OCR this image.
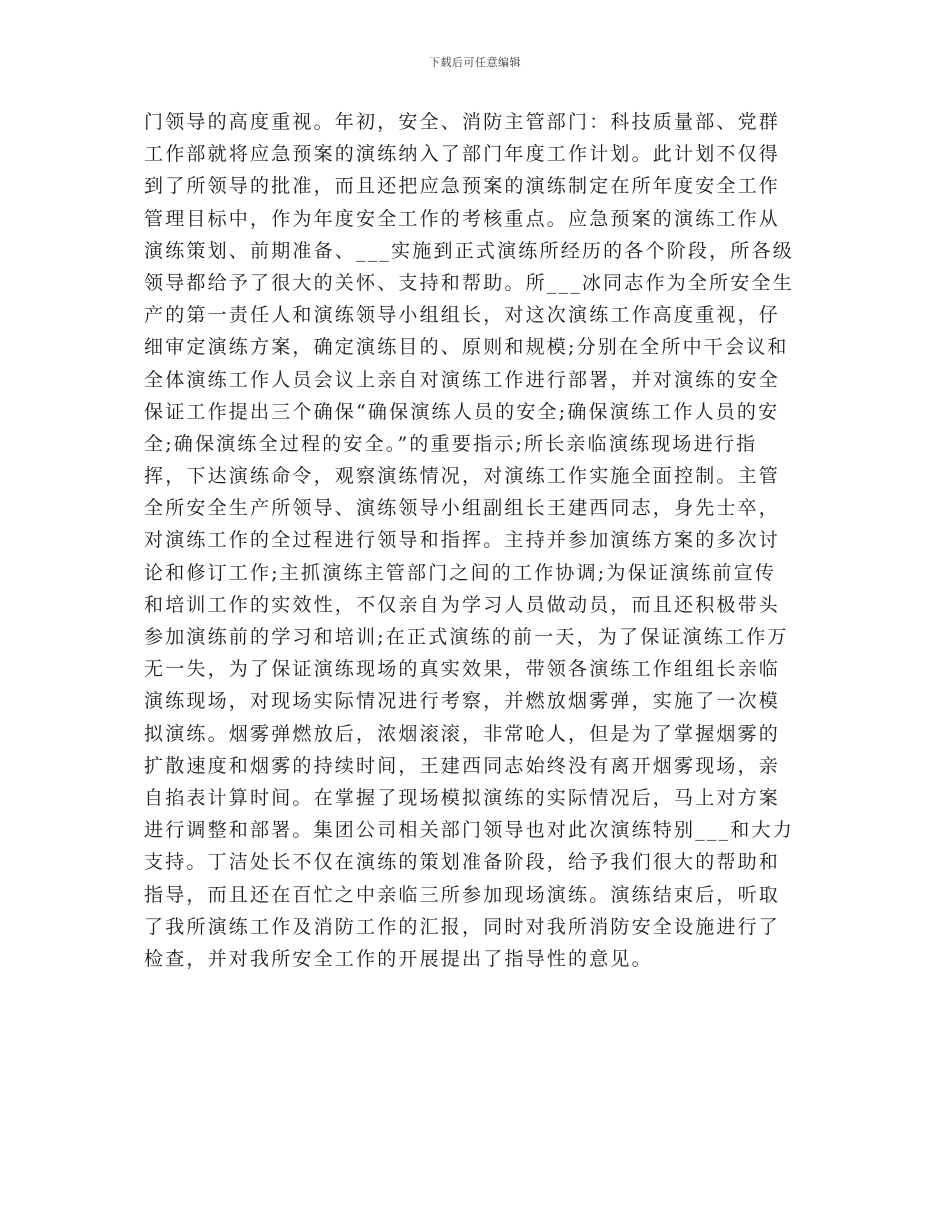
下载后可任意编辑
门领导的高度重视。年初，安全、消防主管部门：科技质量部、党群
工作部就将应急预案的演练纳入了部门年度工作计划。此计划不仅得
到了所领导的批准，而且还把应急预案的演练制定在所年度安全工作
管理目标中，作为年度安全工作的考核重点。应急预案的演练工作从
演练策划、前期准备、___实施到正式演练所经历的各个阶段，所各级
领导都给予了很大的关怀、支持和帮助。所___冰同志作为全所安全生
产的第一责任人和演练领导小组组长，对这次演练工作高度重视，仔
细审定演练方案，确定演练目的、原则和规模;分别在全所中干会议和
全体演练工作人员会议上亲自对演练工作进行部署，并对演练的安全
保证工作提出三个确保“确保演练人员的安全;确保演练工作人员的安
全;确保演练全过程的安全。”的重要指示;所长亲临演练现场进行指
挥，下达演练命令，观察演练情况，对演练工作实施全面控制。主管
全所安全生产所领导、演练领导小组副组长王建西同志，身先士卒，
对演练工作的全过程进行领导和指挥。主持并参加演练方案的多次讨
论和修订工作;主抓演练主管部门之间的工作协调;为保证演练前宣传
和培训工作的实效性，不仅亲自为学习人员做动员，而且还积极带头
参加演练前的学习和培训;在正式演练的前一天，为了保证演练工作万
无一失，为了保证演练现场的真实效果，带领各演练工作组组长亲临
演练现场，对现场实际情况进行考察，并燃放烟雾弹，实施了一次模
拟演练。烟雾弹燃放后，浓烟滚滚，非常呛人，但是为了掌握烟雾的
扩散速度和烟雾的持续时间，王建西同志始终没有离开烟雾现场，亲
自掐表计算时间。在掌握了现场模拟演练的实际情况后，马上对方案
进行调整和部署。集团公司相关部门领导也对此次演练特别___和大力
支持。丁洁处长不仅在演练的策划准备阶段，给予我们很大的帮助和
指导，而且还在百忙之中亲临三所参加现场演练。演练结束后，听取
了我所演练工作及消防工作的汇报，同时对我所消防安全设施进行了
检查，并对我所安全工作的开展提出了指导性的意见。
